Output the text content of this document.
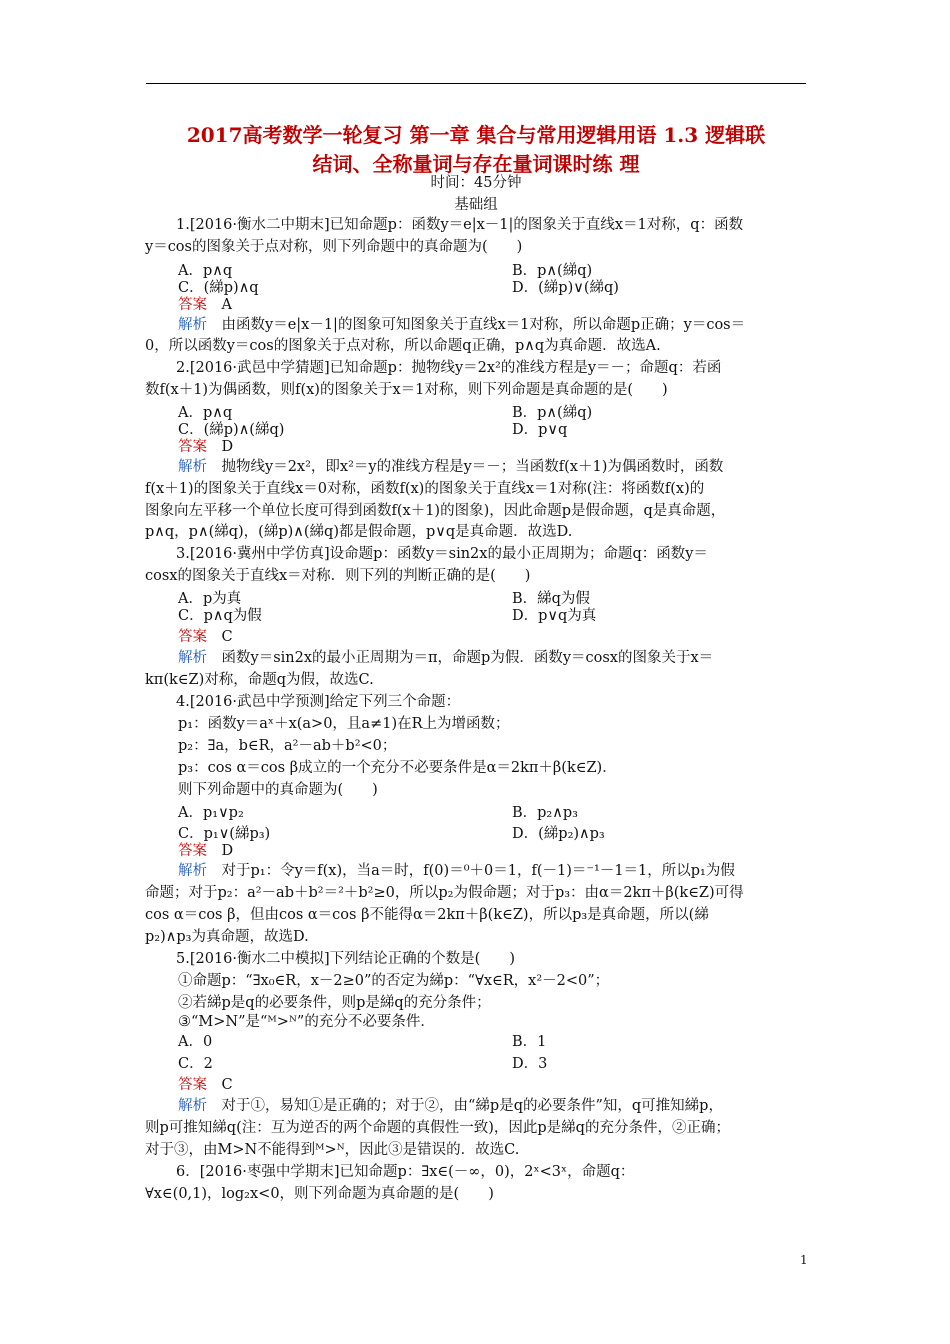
2017高考数学一轮复习 第一章 集合与常用逻辑用语 1.3 逻辑联
结词、全称量词与存在量词课时练 理
时间：45分钟
基础组
1.[2016·衡水二中期末]已知命题p：函数y＝e|x－1|的图象关于直线x＝1对称，q：函数
y＝cos的图象关于点对称，则下列命题中的真命题为(　　)
A．p∧q	B．p∧(綈q)
C．(綈p)∧q	D．(綈p)∨(綈q)
答案　 A
解析　 由函数y＝e|x－1|的图象可知图象关于直线x＝1对称，所以命题p正确；y＝cos＝
0，所以函数y＝cos的图象关于点对称，所以命题q正确，p∧q为真命题．故选A.
2.[2016·武邑中学猜题]已知命题p：抛物线y＝2x²的准线方程是y＝－；命题q：若函
数f(x＋1)为偶函数，则f(x)的图象关于x＝1对称，则下列命题是真命题的是(　　)
A．p∧q	B．p∧(綈q)
C．(綈p)∧(綈q)	D．p∨q
答案　 D
解析　 抛物线y＝2x²，即x²＝y的准线方程是y＝－；当函数f(x＋1)为偶函数时，函数
f(x＋1)的图象关于直线x＝0对称，函数f(x)的图象关于直线x＝1对称(注：将函数f(x)的
图象向左平移一个单位长度可得到函数f(x＋1)的图象)，因此命题p是假命题，q是真命题，
p∧q，p∧(綈q)，(綈p)∧(綈q)都是假命题，p∨q是真命题．故选D.
3.[2016·冀州中学仿真]设命题p：函数y＝sin2x的最小正周期为；命题q：函数y＝
cosx的图象关于直线x＝对称．则下列的判断正确的是(　　)
A．p为真	B．綈q为假
C．p∧q为假	D．p∨q为真
答案　 C
解析　 函数y＝sin2x的最小正周期为＝π，命题p为假．函数y＝cosx的图象关于x＝
kπ(k∈Z)对称，命题q为假，故选C.
4.[2016·武邑中学预测]给定下列三个命题：
p₁：函数y＝aˣ＋x(a>0，且a≠1)在R上为增函数；
p₂：∃a，b∈R，a²－ab＋b²<0；
p₃：cos α＝cos β成立的一个充分不必要条件是α＝2kπ＋β(k∈Z)．
则下列命题中的真命题为(　　)
A．p₁∨p₂	B．p₂∧p₃
C．p₁∨(綈p₃)	D．(綈p₂)∧p₃
答案　 D
解析　 对于p₁：令y＝f(x)，当a＝时，f(0)＝⁰＋0＝1，f(－1)＝⁻¹－1＝1，所以p₁为假
命题；对于p₂：a²－ab＋b²＝²＋b²≥0，所以p₂为假命题；对于p₃：由α＝2kπ＋β(k∈Z)可得
cos α＝cos β，但由cos α＝cos β不能得α＝2kπ＋β(k∈Z)，所以p₃是真命题，所以(綈
p₂)∧p₃为真命题，故选D.
5.[2016·衡水二中模拟]下列结论正确的个数是(　　)
①命题p：“∃x₀∈R，x－2≥0”的否定为綈p：“∀x∈R，x²－2<0”；
②若綈p是q的必要条件，则p是綈q的充分条件；
③“M>N”是“ᴹ>ᴺ”的充分不必要条件．
A．0	B．1
C．2	D．3
答案　 C
解析　 对于①，易知①是正确的；对于②，由“綈p是q的必要条件”知，q可推知綈p，
则p可推知綈q(注：互为逆否的两个命题的真假性一致)，因此p是綈q的充分条件，②正确；
对于③，由M>N不能得到ᴹ>ᴺ，因此③是错误的．故选C.
6．[2016·枣强中学期末]已知命题p：∃x∈(－∞，0)，2ˣ<3ˣ，命题q：
∀x∈(0,1)，log₂x<0，则下列命题为真命题的是(　　)
1
